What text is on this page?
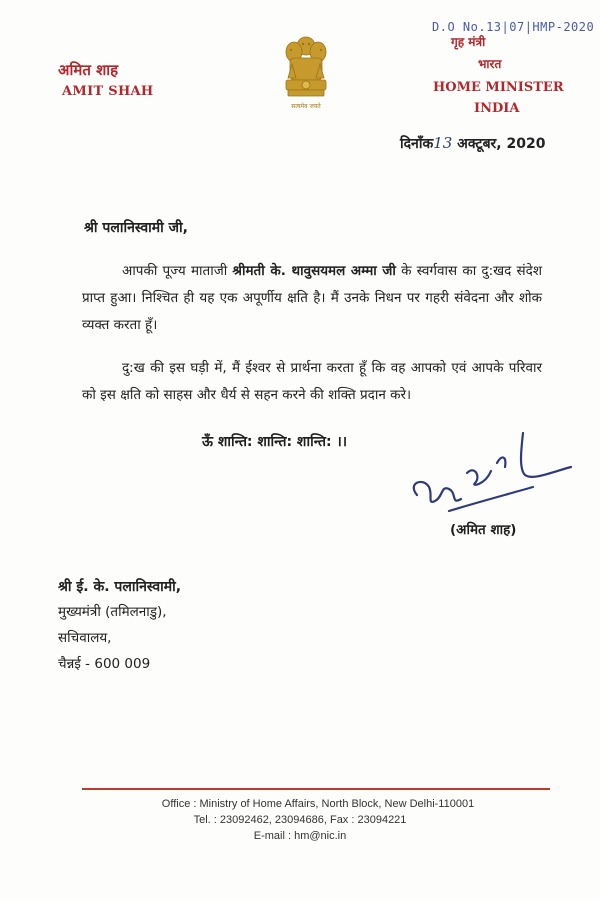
अमित शाह
AMIT SHAH
सत्यमेव जयते
D.O No.13|07|HMP-2020
गृह मंत्री
भारत
HOME MINISTER
INDIA
दिनाँक13 अक्टूबर, 2020
श्री पलानिस्वामी जी,
आपकी पूज्य माताजी श्रीमती के. थावुसयमल अम्मा जी के स्वर्गवास का दु:खद संदेश प्राप्त हुआ। निश्चित ही यह एक अपूर्णीय क्षति है। मैं उनके निधन पर गहरी संवेदना और शोक व्यक्त करता हूँ।
दु:ख की इस घड़ी में, मैं ईश्वर से प्रार्थना करता हूँ कि वह आपको एवं आपके परिवार को इस क्षति को साहस और धैर्य से सहन करने की शक्ति प्रदान करे।
ऊँ शान्ति: शान्ति: शान्ति: ।।
(अमित शाह)
श्री ई. के. पलानिस्वामी,
मुख्यमंत्री (तमिलनाडु),
सचिवालय,
चैन्नई - 600 009
Office : Ministry of Home Affairs, North Block, New Delhi-110001
Tel. : 23092462, 23094686, Fax : 23094221
E-mail : hm@nic.in
